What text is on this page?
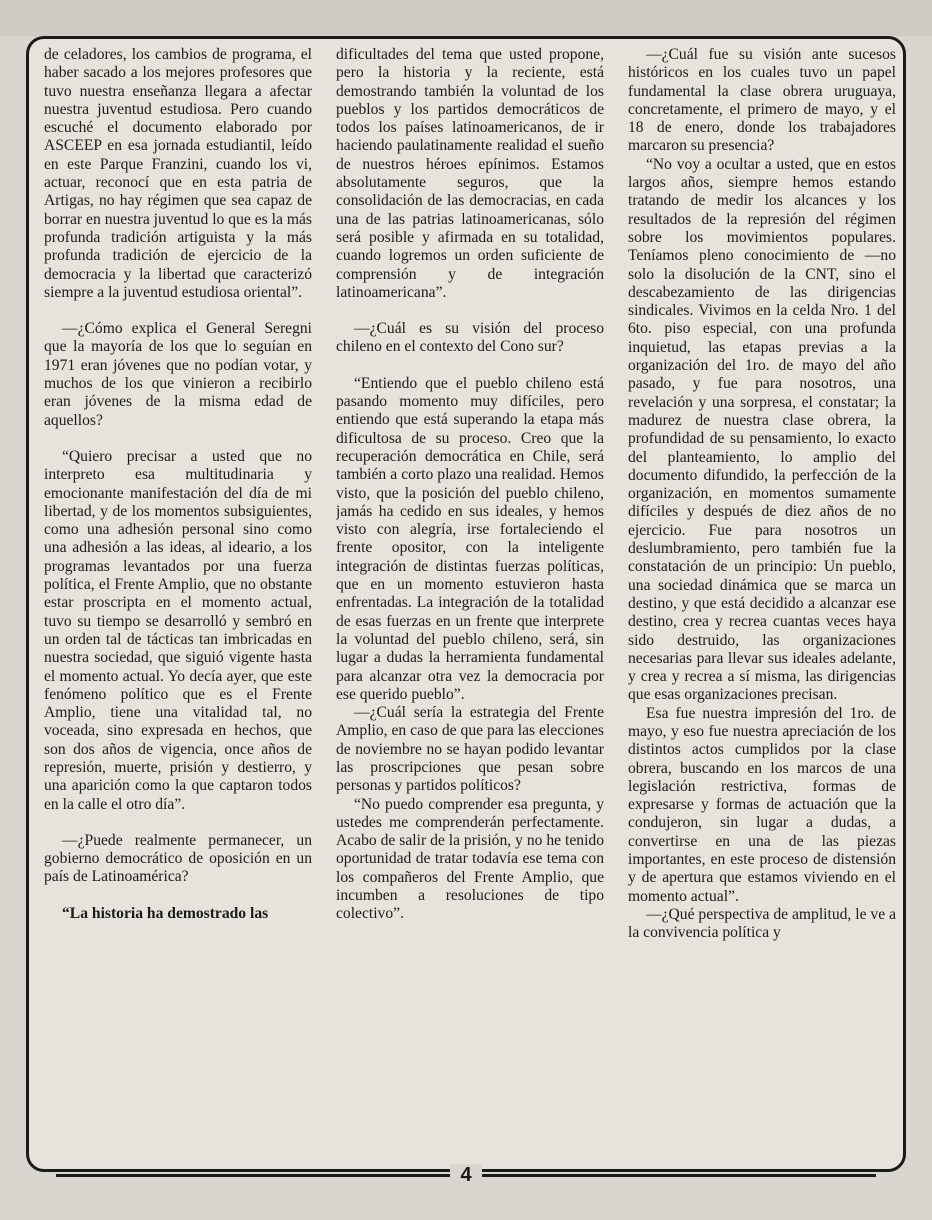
de celadores, los cambios de programa, el haber sacado a los mejores profesores que tuvo nuestra enseñanza llegara a afectar nuestra juventud estudiosa. Pero cuando escuché el documento elaborado por ASCEEP en esa jornada estudiantil, leído en este Parque Franzini, cuando los vi, actuar, reconocí que en esta patria de Artigas, no hay régimen que sea capaz de borrar en nuestra juventud lo que es la más profunda tradición artiguista y la más profunda tradición de ejercicio de la democracia y la libertad que caracterizó siempre a la juventud estudiosa oriental”.

—¿Cómo explica el General Seregni que la mayoría de los que lo seguían en 1971 eran jóvenes que no podían votar, y muchos de los que vinieron a recibirlo eran jóvenes de la misma edad de aquellos?

“Quiero precisar a usted que no interpreto esa multitudinaria y emocionante manifestación del día de mi libertad, y de los momentos subsiguientes, como una adhesión personal sino como una adhesión a las ideas, al ideario, a los programas levantados por una fuerza política, el Frente Amplio, que no obstante estar proscripta en el momento actual, tuvo su tiempo se desarrolló y sembró en un orden tal de tácticas tan imbricadas en nuestra sociedad, que siguió vigente hasta el momento actual. Yo decía ayer, que este fenómeno político que es el Frente Amplio, tiene una vitalidad tal, no voceada, sino expresada en hechos, que son dos años de vigencia, once años de represión, muerte, prisión y destierro, y una aparición como la que captaron todos en la calle el otro día”.

—¿Puede realmente permanecer, un gobierno democrático de oposición en un país de Latinoamérica?

“La historia ha demostrado las

dificultades del tema que usted propone, pero la historia y la reciente, está demostrando también la voluntad de los pueblos y los partidos democráticos de todos los países latinoamericanos, de ir haciendo paulatinamente realidad el sueño de nuestros héroes epínimos. Estamos absolutamente seguros, que la consolidación de las democracias, en cada una de las patrias latinoamericanas, sólo será posible y afirmada en su totalidad, cuando logremos un orden suficiente de comprensión y de integración latinoamericana”.

—¿Cuál es su visión del proceso chileno en el contexto del Cono sur?

“Entiendo que el pueblo chileno está pasando momento muy difíciles, pero entiendo que está superando la etapa más dificultosa de su proceso. Creo que la recuperación democrática en Chile, será también a corto plazo una realidad. Hemos visto, que la posición del pueblo chileno, jamás ha cedido en sus ideales, y hemos visto con alegría, irse fortaleciendo el frente opositor, con la inteligente integración de distintas fuerzas políticas, que en un momento estuvieron hasta enfrentadas. La integración de la totalidad de esas fuerzas en un frente que interprete la voluntad del pueblo chileno, será, sin lugar a dudas la herramienta fundamental para alcanzar otra vez la democracia por ese querido pueblo”.

—¿Cuál sería la estrategia del Frente Amplio, en caso de que para las elecciones de noviembre no se hayan podido levantar las proscripciones que pesan sobre personas y partidos políticos?

“No puedo comprender esa pregunta, y ustedes me comprenderán perfectamente. Acabo de salir de la prisión, y no he tenido oportunidad de tratar todavía ese tema con los compañeros del Frente Amplio, que incumben a resoluciones de tipo colectivo”.

—¿Cuál fue su visión ante sucesos históricos en los cuales tuvo un papel fundamental la clase obrera uruguaya, concretamente, el primero de mayo, y el 18 de enero, donde los trabajadores marcaron su presencia?

“No voy a ocultar a usted, que en estos largos años, siempre hemos estando tratando de medir los alcances y los resultados de la represión del régimen sobre los movimientos populares. Teníamos pleno conocimiento de —no solo la disolución de la CNT, sino el descabezamiento de las dirigencias sindicales. Vivimos en la celda Nro. 1 del 6to. piso especial, con una profunda inquietud, las etapas previas a la organización del 1ro. de mayo del año pasado, y fue para nosotros, una revelación y una sorpresa, el constatar; la madurez de nuestra clase obrera, la profundidad de su pensamiento, lo exacto del planteamiento, lo amplio del documento difundido, la perfección de la organización, en momentos sumamente difíciles y después de diez años de no ejercicio. Fue para nosotros un deslumbramiento, pero también fue la constatación de un principio: Un pueblo, una sociedad dinámica que se marca un destino, y que está decidido a alcanzar ese destino, crea y recrea cuantas veces haya sido destruido, las organizaciones necesarias para llevar sus ideales adelante, y crea y recrea a sí misma, las dirigencias que esas organizaciones precisan.

Esa fue nuestra impresión del 1ro. de mayo, y eso fue nuestra apreciación de los distintos actos cumplidos por la clase obrera, buscando en los marcos de una legislación restrictiva, formas de expresarse y formas de actuación que la condujeron, sin lugar a dudas, a convertirse en una de las piezas importantes, en este proceso de distensión y de apertura que estamos viviendo en el momento actual”.

—¿Qué perspectiva de amplitud, le ve a la convivencia política y

4
